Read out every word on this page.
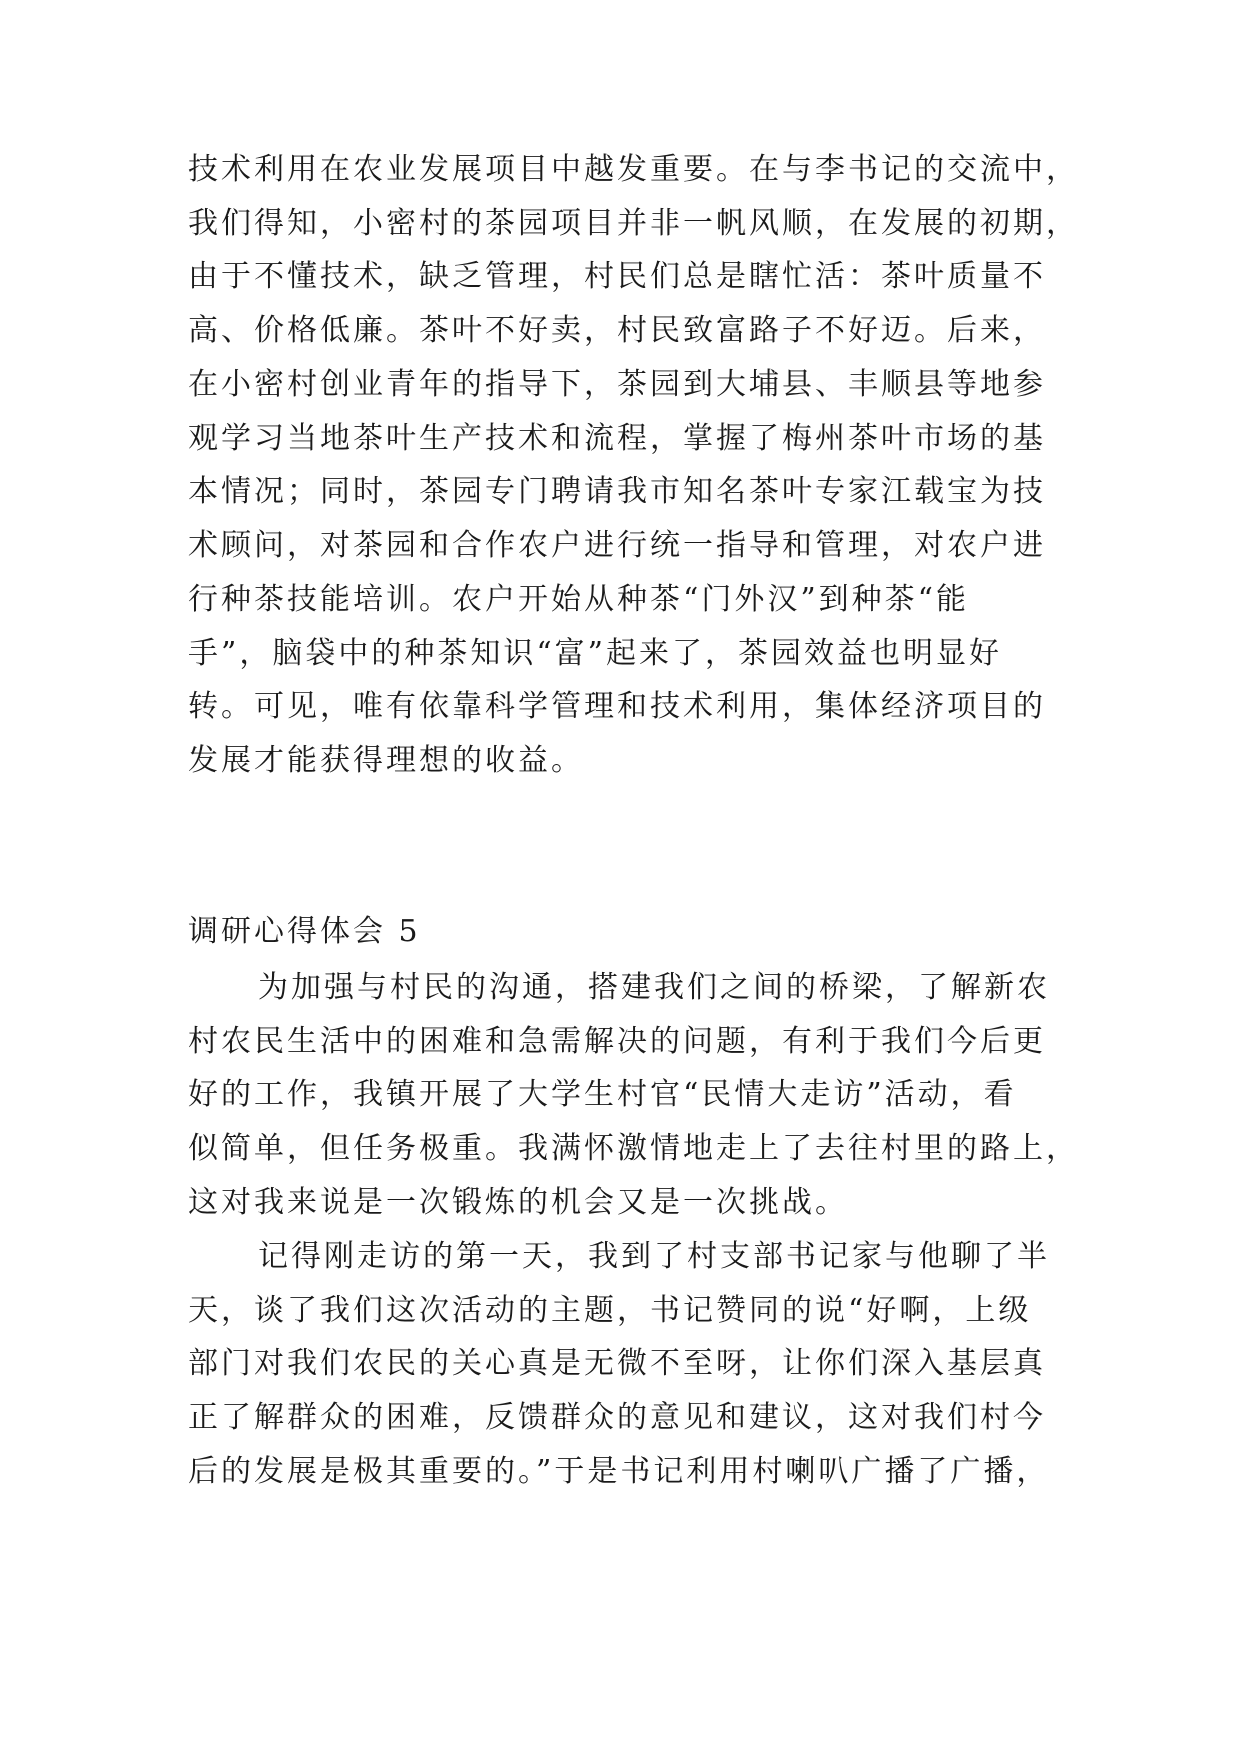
技术利用在农业发展项目中越发重要。在与李书记的交流中，
我们得知，小密村的茶园项目并非一帆风顺，在发展的初期，
由于不懂技术，缺乏管理，村民们总是瞎忙活：茶叶质量不
高、价格低廉。茶叶不好卖，村民致富路子不好迈。后来，
在小密村创业青年的指导下，茶园到大埔县、丰顺县等地参
观学习当地茶叶生产技术和流程，掌握了梅州茶叶市场的基
本情况；同时，茶园专门聘请我市知名茶叶专家江载宝为技
术顾问，对茶园和合作农户进行统一指导和管理，对农户进
行种茶技能培训。农户开始从种茶“门外汉”到种茶“能
手”，脑袋中的种茶知识“富”起来了，茶园效益也明显好
转。可见，唯有依靠科学管理和技术利用，集体经济项目的
发展才能获得理想的收益。
调研心得体会 5
为加强与村民的沟通，搭建我们之间的桥梁，了解新农
村农民生活中的困难和急需解决的问题，有利于我们今后更
好的工作，我镇开展了大学生村官“民情大走访”活动，看
似简单，但任务极重。我满怀激情地走上了去往村里的路上，
这对我来说是一次锻炼的机会又是一次挑战。
记得刚走访的第一天，我到了村支部书记家与他聊了半
天，谈了我们这次活动的主题，书记赞同的说“好啊，上级
部门对我们农民的关心真是无微不至呀，让你们深入基层真
正了解群众的困难，反馈群众的意见和建议，这对我们村今
后的发展是极其重要的。”于是书记利用村喇叭广播了广播，
